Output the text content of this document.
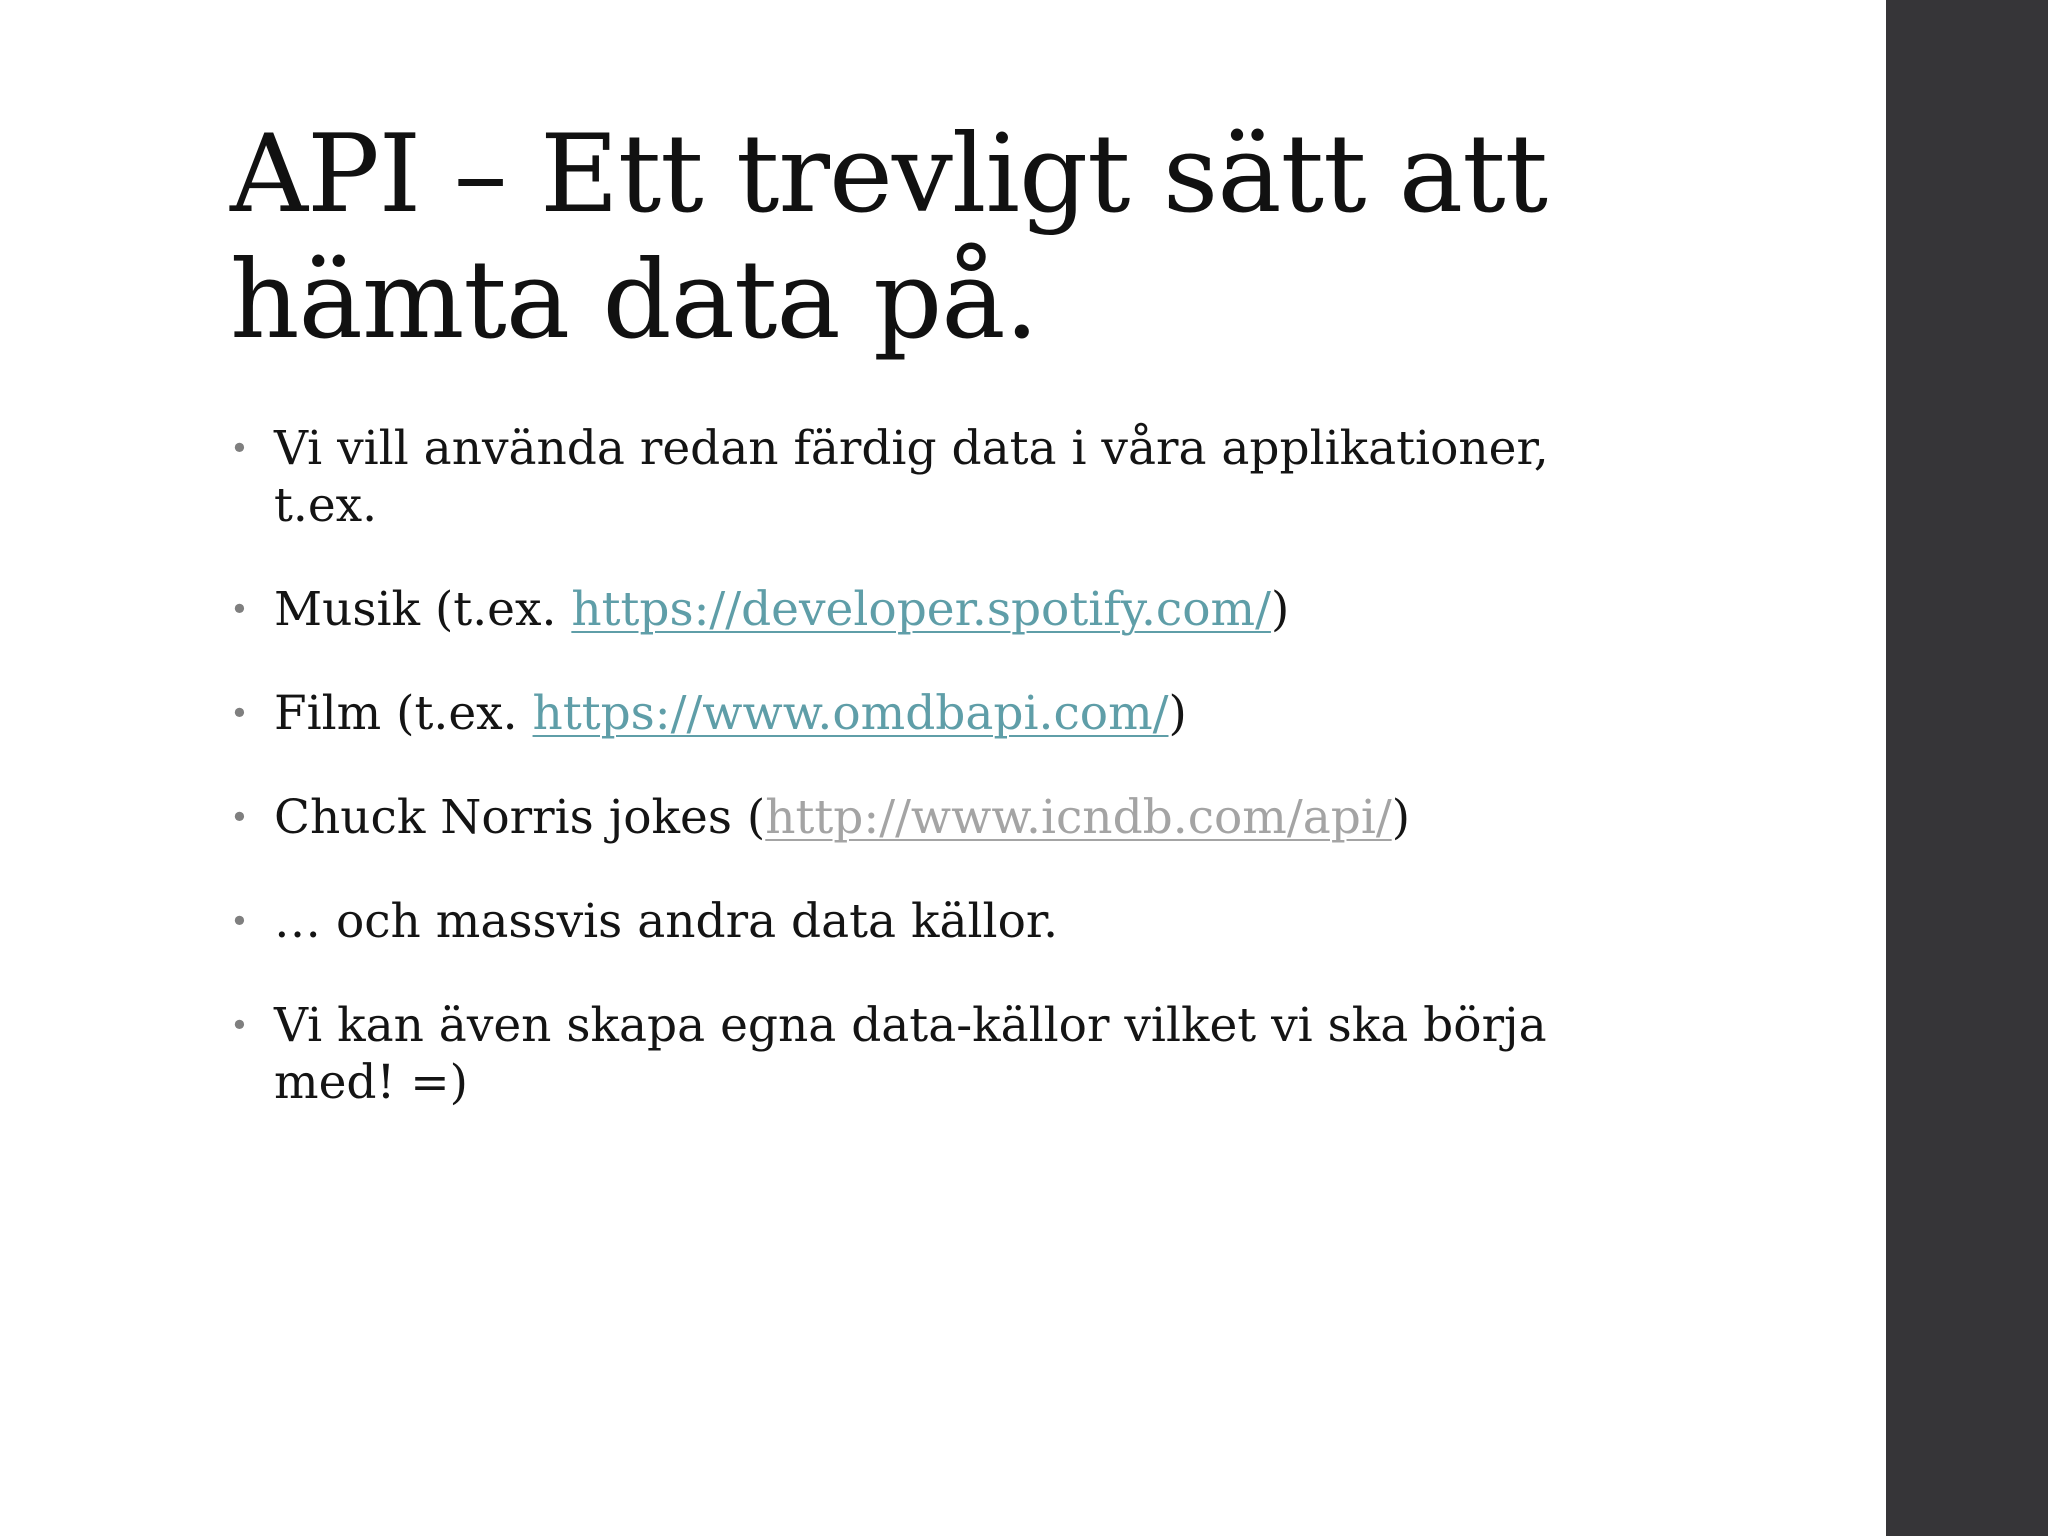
API – Ett trevligt sätt att hämta data på.
• Vi vill använda redan färdig data i våra applikationer, t.ex.
• Musik (t.ex. https://developer.spotify.com/)
• Film (t.ex. https://www.omdbapi.com/)
• Chuck Norris jokes (http://www.icndb.com/api/)
• … och massvis andra data källor.
• Vi kan även skapa egna data-källor vilket vi ska börja med! =)
